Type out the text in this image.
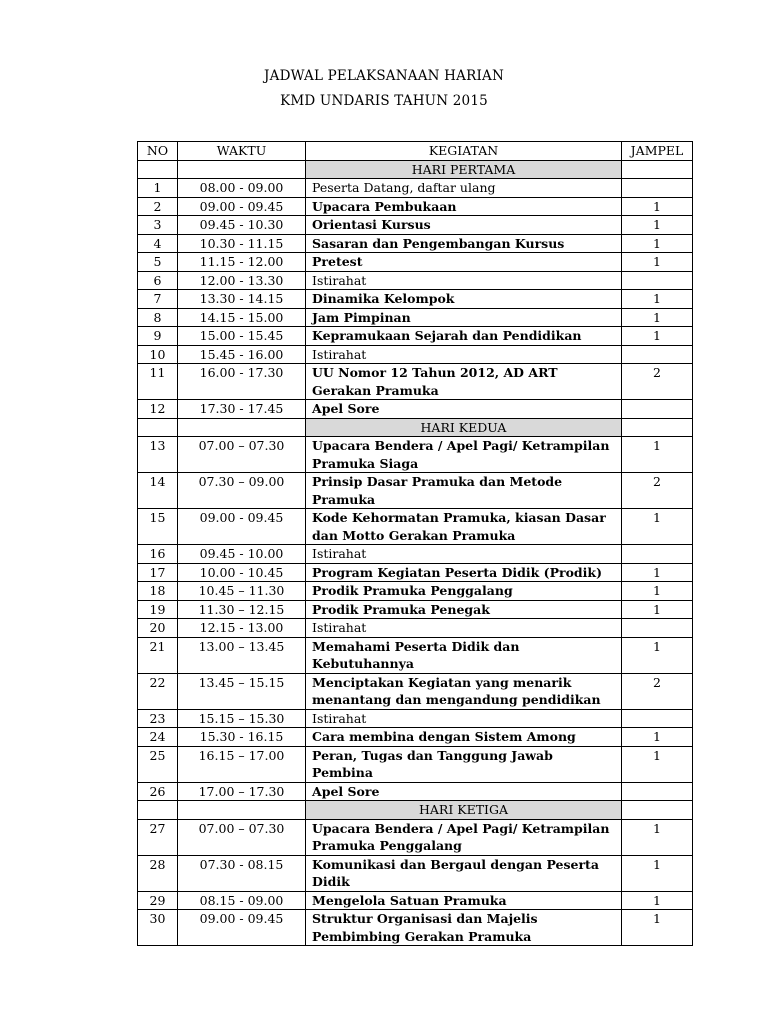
JADWAL PELAKSANAAN HARIAN
KMD UNDARIS TAHUN 2015
NO	WAKTU	KEGIATAN	JAMPEL
		HARI PERTAMA	
1	08.00 - 09.00	Peserta Datang, daftar ulang	
2	09.00 - 09.45	Upacara Pembukaan	1
3	09.45 - 10.30	Orientasi Kursus	1
4	10.30 - 11.15	Sasaran dan Pengembangan Kursus	1
5	11.15 - 12.00	Pretest	1
6	12.00 - 13.30	Istirahat	
7	13.30 - 14.15	Dinamika Kelompok	1
8	14.15 - 15.00	Jam Pimpinan	1
9	15.00 - 15.45	Kepramukaan Sejarah dan Pendidikan	1
10	15.45 - 16.00	Istirahat	
11	16.00 - 17.30	UU Nomor 12 Tahun 2012, AD ART Gerakan Pramuka	2
12	17.30 - 17.45	Apel Sore	
		HARI KEDUA	
13	07.00 – 07.30	Upacara Bendera / Apel Pagi/ Ketrampilan Pramuka Siaga	1
14	07.30 – 09.00	Prinsip Dasar Pramuka dan Metode Pramuka	2
15	09.00 - 09.45	Kode Kehormatan Pramuka, kiasan Dasar dan Motto Gerakan Pramuka	1
16	09.45 - 10.00	Istirahat	
17	10.00 - 10.45	Program Kegiatan Peserta Didik (Prodik)	1
18	10.45 – 11.30	Prodik Pramuka Penggalang	1
19	11.30 – 12.15	Prodik Pramuka Penegak	1
20	12.15 - 13.00	Istirahat	
21	13.00 – 13.45	Memahami Peserta Didik dan Kebutuhannya	1
22	13.45 – 15.15	Menciptakan Kegiatan yang menarik menantang dan mengandung pendidikan	2
23	15.15 – 15.30	Istirahat	
24	15.30 - 16.15	Cara membina dengan Sistem Among	1
25	16.15 – 17.00	Peran, Tugas dan Tanggung Jawab Pembina	1
26	17.00 – 17.30	Apel Sore	
		HARI KETIGA	
27	07.00 – 07.30	Upacara Bendera / Apel Pagi/ Ketrampilan Pramuka Penggalang	1
28	07.30 - 08.15	Komunikasi dan Bergaul dengan Peserta Didik	1
29	08.15 - 09.00	Mengelola Satuan Pramuka	1
30	09.00 - 09.45	Struktur Organisasi dan Majelis Pembimbing Gerakan Pramuka	1
